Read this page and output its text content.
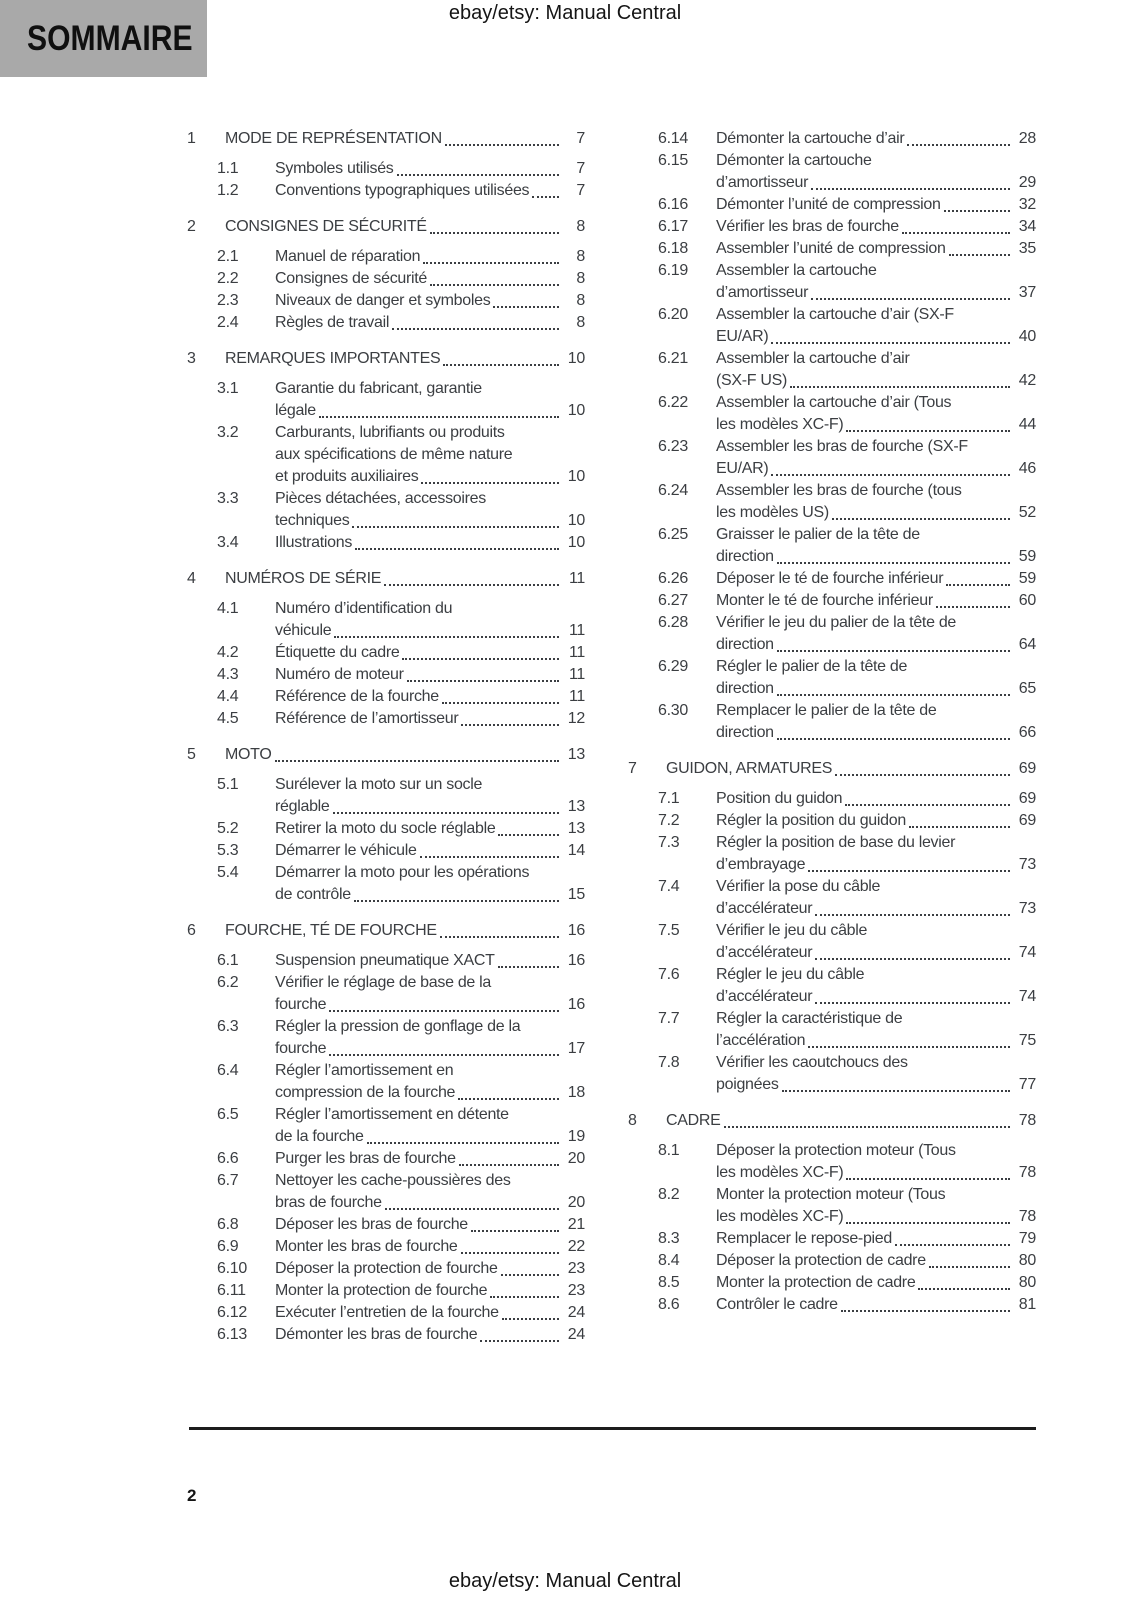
ebay/etsy: Manual Central
SOMMAIRE
1	MODE DE REPRÉSENTATION	7
1.1	Symboles utilisés	7
1.2	Conventions typographiques utilisées	7
2	CONSIGNES DE SÉCURITÉ	8
2.1	Manuel de réparation	8
2.2	Consignes de sécurité	8
2.3	Niveaux de danger et symboles	8
2.4	Règles de travail	8
3	REMARQUES IMPORTANTES	10
3.1	Garantie du fabricant, garantie
légale	10
3.2	Carburants, lubrifiants ou produits
aux spécifications de même nature
et produits auxiliaires	10
3.3	Pièces détachées, accessoires
techniques	10
3.4	Illustrations	10
4	NUMÉROS DE SÉRIE	11
4.1	Numéro d’identification du
véhicule	11
4.2	Étiquette du cadre	11
4.3	Numéro de moteur	11
4.4	Référence de la fourche	11
4.5	Référence de l’amortisseur	12
5	MOTO	13
5.1	Surélever la moto sur un socle
réglable	13
5.2	Retirer la moto du socle réglable	13
5.3	Démarrer le véhicule	14
5.4	Démarrer la moto pour les opérations
de contrôle	15
6	FOURCHE, TÉ DE FOURCHE	16
6.1	Suspension pneumatique XACT	16
6.2	Vérifier le réglage de base de la
fourche	16
6.3	Régler la pression de gonflage de la
fourche	17
6.4	Régler l’amortissement en
compression de la fourche	18
6.5	Régler l’amortissement en détente
de la fourche	19
6.6	Purger les bras de fourche	20
6.7	Nettoyer les cache-poussières des
bras de fourche	20
6.8	Déposer les bras de fourche	21
6.9	Monter les bras de fourche	22
6.10	Déposer la protection de fourche	23
6.11	Monter la protection de fourche	23
6.12	Exécuter l’entretien de la fourche	24
6.13	Démonter les bras de fourche	24
6.14	Démonter la cartouche d’air	28
6.15	Démonter la cartouche
d’amortisseur	29
6.16	Démonter l’unité de compression	32
6.17	Vérifier les bras de fourche	34
6.18	Assembler l’unité de compression	35
6.19	Assembler la cartouche
d’amortisseur	37
6.20	Assembler la cartouche d’air (SX-F
EU/AR)	40
6.21	Assembler la cartouche d’air
(SX-F US)	42
6.22	Assembler la cartouche d’air (Tous
les modèles XC-F)	44
6.23	Assembler les bras de fourche (SX-F
EU/AR)	46
6.24	Assembler les bras de fourche (tous
les modèles US)	52
6.25	Graisser le palier de la tête de
direction	59
6.26	Déposer le té de fourche inférieur	59
6.27	Monter le té de fourche inférieur	60
6.28	Vérifier le jeu du palier de la tête de
direction	64
6.29	Régler le palier de la tête de
direction	65
6.30	Remplacer le palier de la tête de
direction	66
7	GUIDON, ARMATURES	69
7.1	Position du guidon	69
7.2	Régler la position du guidon	69
7.3	Régler la position de base du levier
d’embrayage	73
7.4	Vérifier la pose du câble
d’accélérateur	73
7.5	Vérifier le jeu du câble
d’accélérateur	74
7.6	Régler le jeu du câble
d’accélérateur	74
7.7	Régler la caractéristique de
l’accélération	75
7.8	Vérifier les caoutchoucs des
poignées	77
8	CADRE	78
8.1	Déposer la protection moteur (Tous
les modèles XC-F)	78
8.2	Monter la protection moteur (Tous
les modèles XC-F)	78
8.3	Remplacer le repose-pied	79
8.4	Déposer la protection de cadre	80
8.5	Monter la protection de cadre	80
8.6	Contrôler le cadre	81
2
ebay/etsy: Manual Central
